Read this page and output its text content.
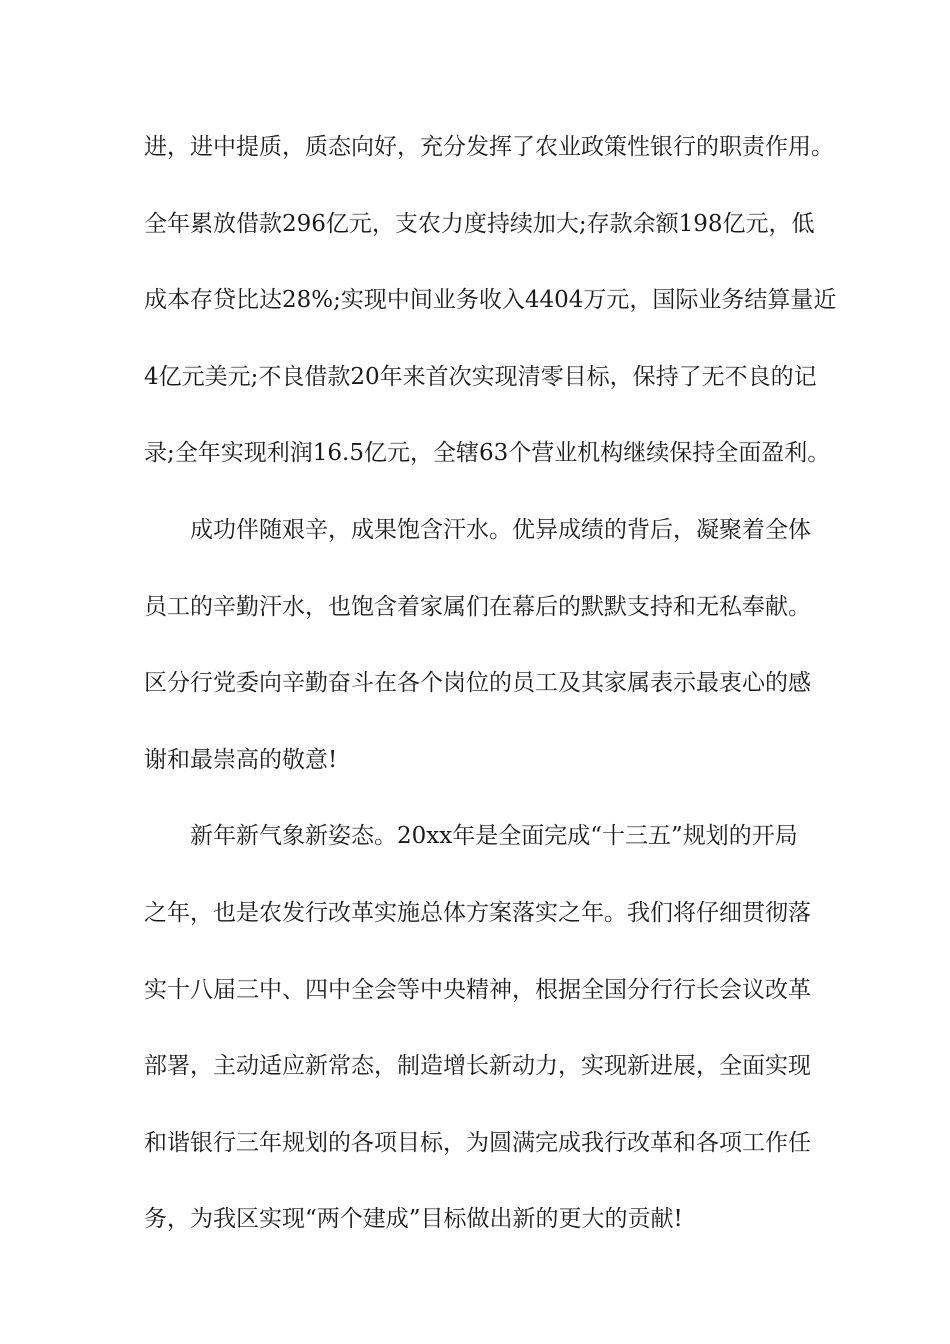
进，进中提质，质态向好，充分发挥了农业政策性银行的职责作用。
全年累放借款296亿元，支农力度持续加大;存款余额198亿元，低
成本存贷比达28%;实现中间业务收入4404万元，国际业务结算量近
4亿元美元;不良借款20年来首次实现清零目标，保持了无不良的记
录;全年实现利润16.5亿元，全辖63个营业机构继续保持全面盈利。
成功伴随艰辛，成果饱含汗水。优异成绩的背后，凝聚着全体
员工的辛勤汗水，也饱含着家属们在幕后的默默支持和无私奉献。
区分行党委向辛勤奋斗在各个岗位的员工及其家属表示最衷心的感
谢和最崇高的敬意!
新年新气象新姿态。20xx年是全面完成“十三五”规划的开局
之年，也是农发行改革实施总体方案落实之年。我们将仔细贯彻落
实十八届三中、四中全会等中央精神，根据全国分行行长会议改革
部署，主动适应新常态，制造增长新动力，实现新进展，全面实现
和谐银行三年规划的各项目标，为圆满完成我行改革和各项工作任
务，为我区实现“两个建成”目标做出新的更大的贡献!
